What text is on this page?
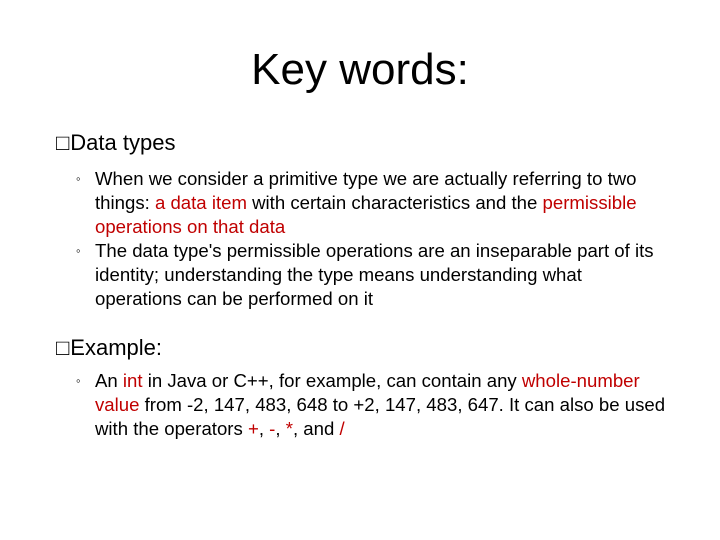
Key words:
□Data types
◦ When we consider a primitive type we are actually referring to two things: a data item with certain characteristics and the permissible operations on that data
◦ The data type's permissible operations are an inseparable part of its identity; understanding the type means understanding what operations can be performed on it
□Example:
◦ An int in Java or C++, for example, can contain any whole-number value from -2, 147, 483, 648 to +2, 147, 483, 647. It can also be used with the operators +, -, *, and /
